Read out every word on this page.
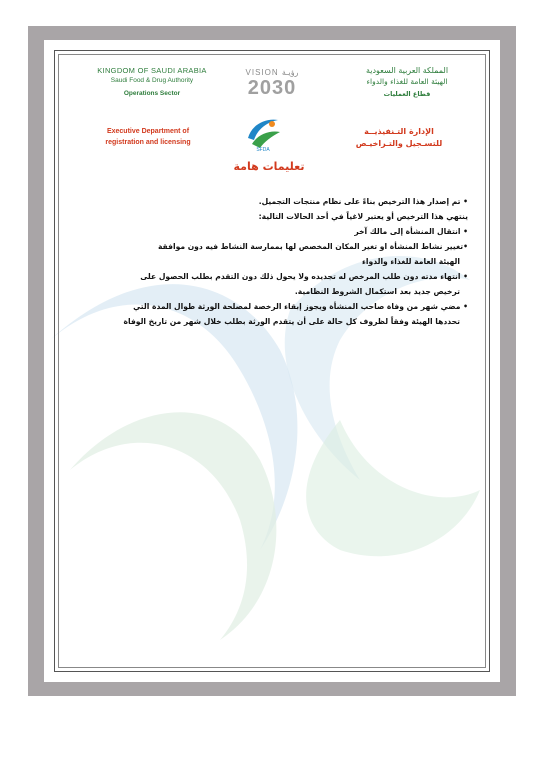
KINGDOM OF SAUDI ARABIA
Saudi Food & Drug Authority
Operations Sector
VISION رؤيـة
2030
المملكة العربية السعودية
الهيئة العامة للغذاء والدواء
قطاع العمليات
Executive Department of
registration and licensing
SFDA
الإدارة التـنفيذيــة
للتسـجيل والتـراخيـص
تعليمات هامة

• تم إصدار هذا الترخيص بناءً على نظام منتجات التجميل.

ينتهي هذا الترخيص أو يعتبر لاغياً في أحد الحالات التالية:

• انتقال المنشأة إلى مالك آخر

•تغيير نشاط المنشأة او تغير المكان المخصص لها بممارسة النشاط فيه دون موافقة

الهيئة العامة للغذاء والدواء

• انتهاء مدته دون طلب المرخص له تجديده ولا يحول ذلك دون التقدم بطلب الحصول على

ترخيص جديد بعد استكمال الشروط النظامية.

• مضي شهر من وفاة صاحب المنشأة ويجوز إبقاء الرخصة لمصلحة الورثة طوال المدة التي

تحددها الهيئة وفقاً لظروف كل حالة على أن يتقدم الورثة بطلب خلال شهر من تاريخ الوفاة
